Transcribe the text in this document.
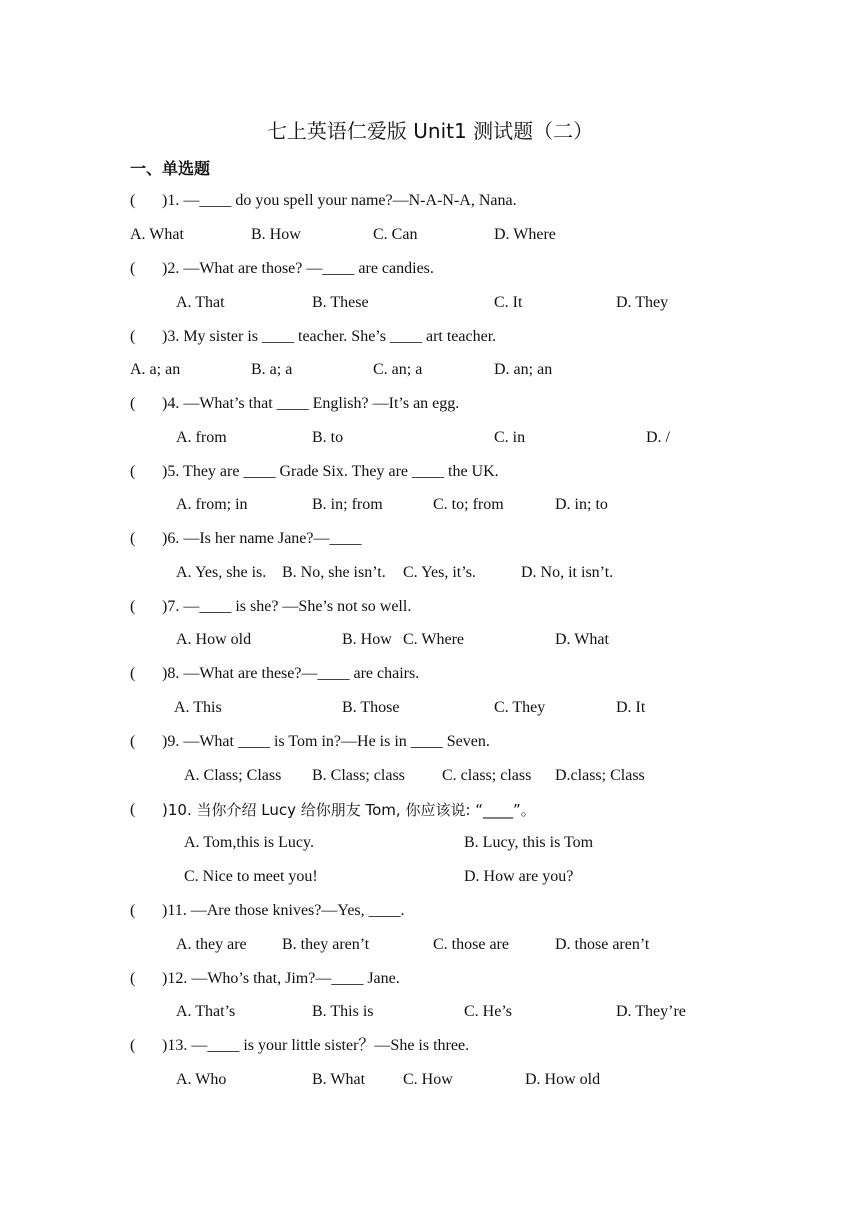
七上英语仁爱版 Unit1 测试题（二）
一、单选题
( )1. —____ do you spell your name?—N-A-N-A, Nana.
A. What	B. How	C. Can	D. Where
( )2. —What are those? —____ are candies.
A. That	B. These	C. It	D. They
( )3. My sister is ____ teacher. She’s ____ art teacher.
A. a; an	B. a; a	C. an; a	D. an; an
( )4. —What’s that ____ English? —It’s an egg.
A. from	B. to	C. in	D. /
( )5. They are ____ Grade Six. They are ____ the UK.
A. from; in	B. in; from	C. to; from	D. in; to
( )6. —Is her name Jane?—____
A. Yes, she is. B. No, she isn’t. C. Yes, it’s.	D. No, it isn’t.
( )7. —____ is she? —She’s not so well.
A. How old	B. How C. Where	D. What
( )8. —What are these?—____ are chairs.
A. This	B. Those	C. They	D. It
( )9. —What ____ is Tom in?—He is in ____ Seven.
A. Class; Class B. Class; class C. class; class D.class; Class
( )10. 当你介绍 Lucy 给你朋友 Tom, 你应该说: “____”。
A. Tom,this is Lucy.	B. Lucy, this is Tom
C. Nice to meet you!	D. How are you?
( )11. —Are those knives?—Yes, ____.
A. they are B. they aren’t	C. those are	D. those aren’t
( )12. —Who’s that, Jim?—____ Jane.
A. That’s	B. This is	C. He’s	D. They’re
( )13. —____ is your little sister？—She is three.
A. Who	B. What C. How	D. How old
